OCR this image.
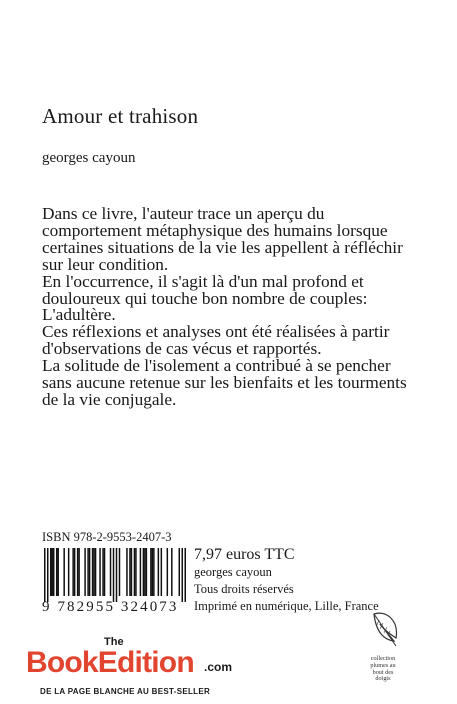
Amour et trahison
georges cayoun

Dans ce livre, l'auteur trace un aperçu du comportement métaphysique des humains lorsque certaines situations de la vie les appellent à réfléchir sur leur condition.

En l'occurrence, il s'agit là d'un mal profond et douloureux qui touche bon nombre de couples: L'adultère.

Ces réflexions et analyses ont été réalisées à partir d'observations de cas vécus et rapportés.

La solitude de l'isolement a contribué à se pencher sans aucune retenue sur les bienfaits et les tourments de la vie conjugale.

ISBN 978-2-9553-2407-3
9 782955 324073
7,97 euros TTC
georges cayoun
Tous droits réservés
Imprimé en numérique, Lille, France
The
BookEdition .com
DE LA PAGE BLANCHE AU BEST-SELLER
collection
plumes au
bout des
doigts
